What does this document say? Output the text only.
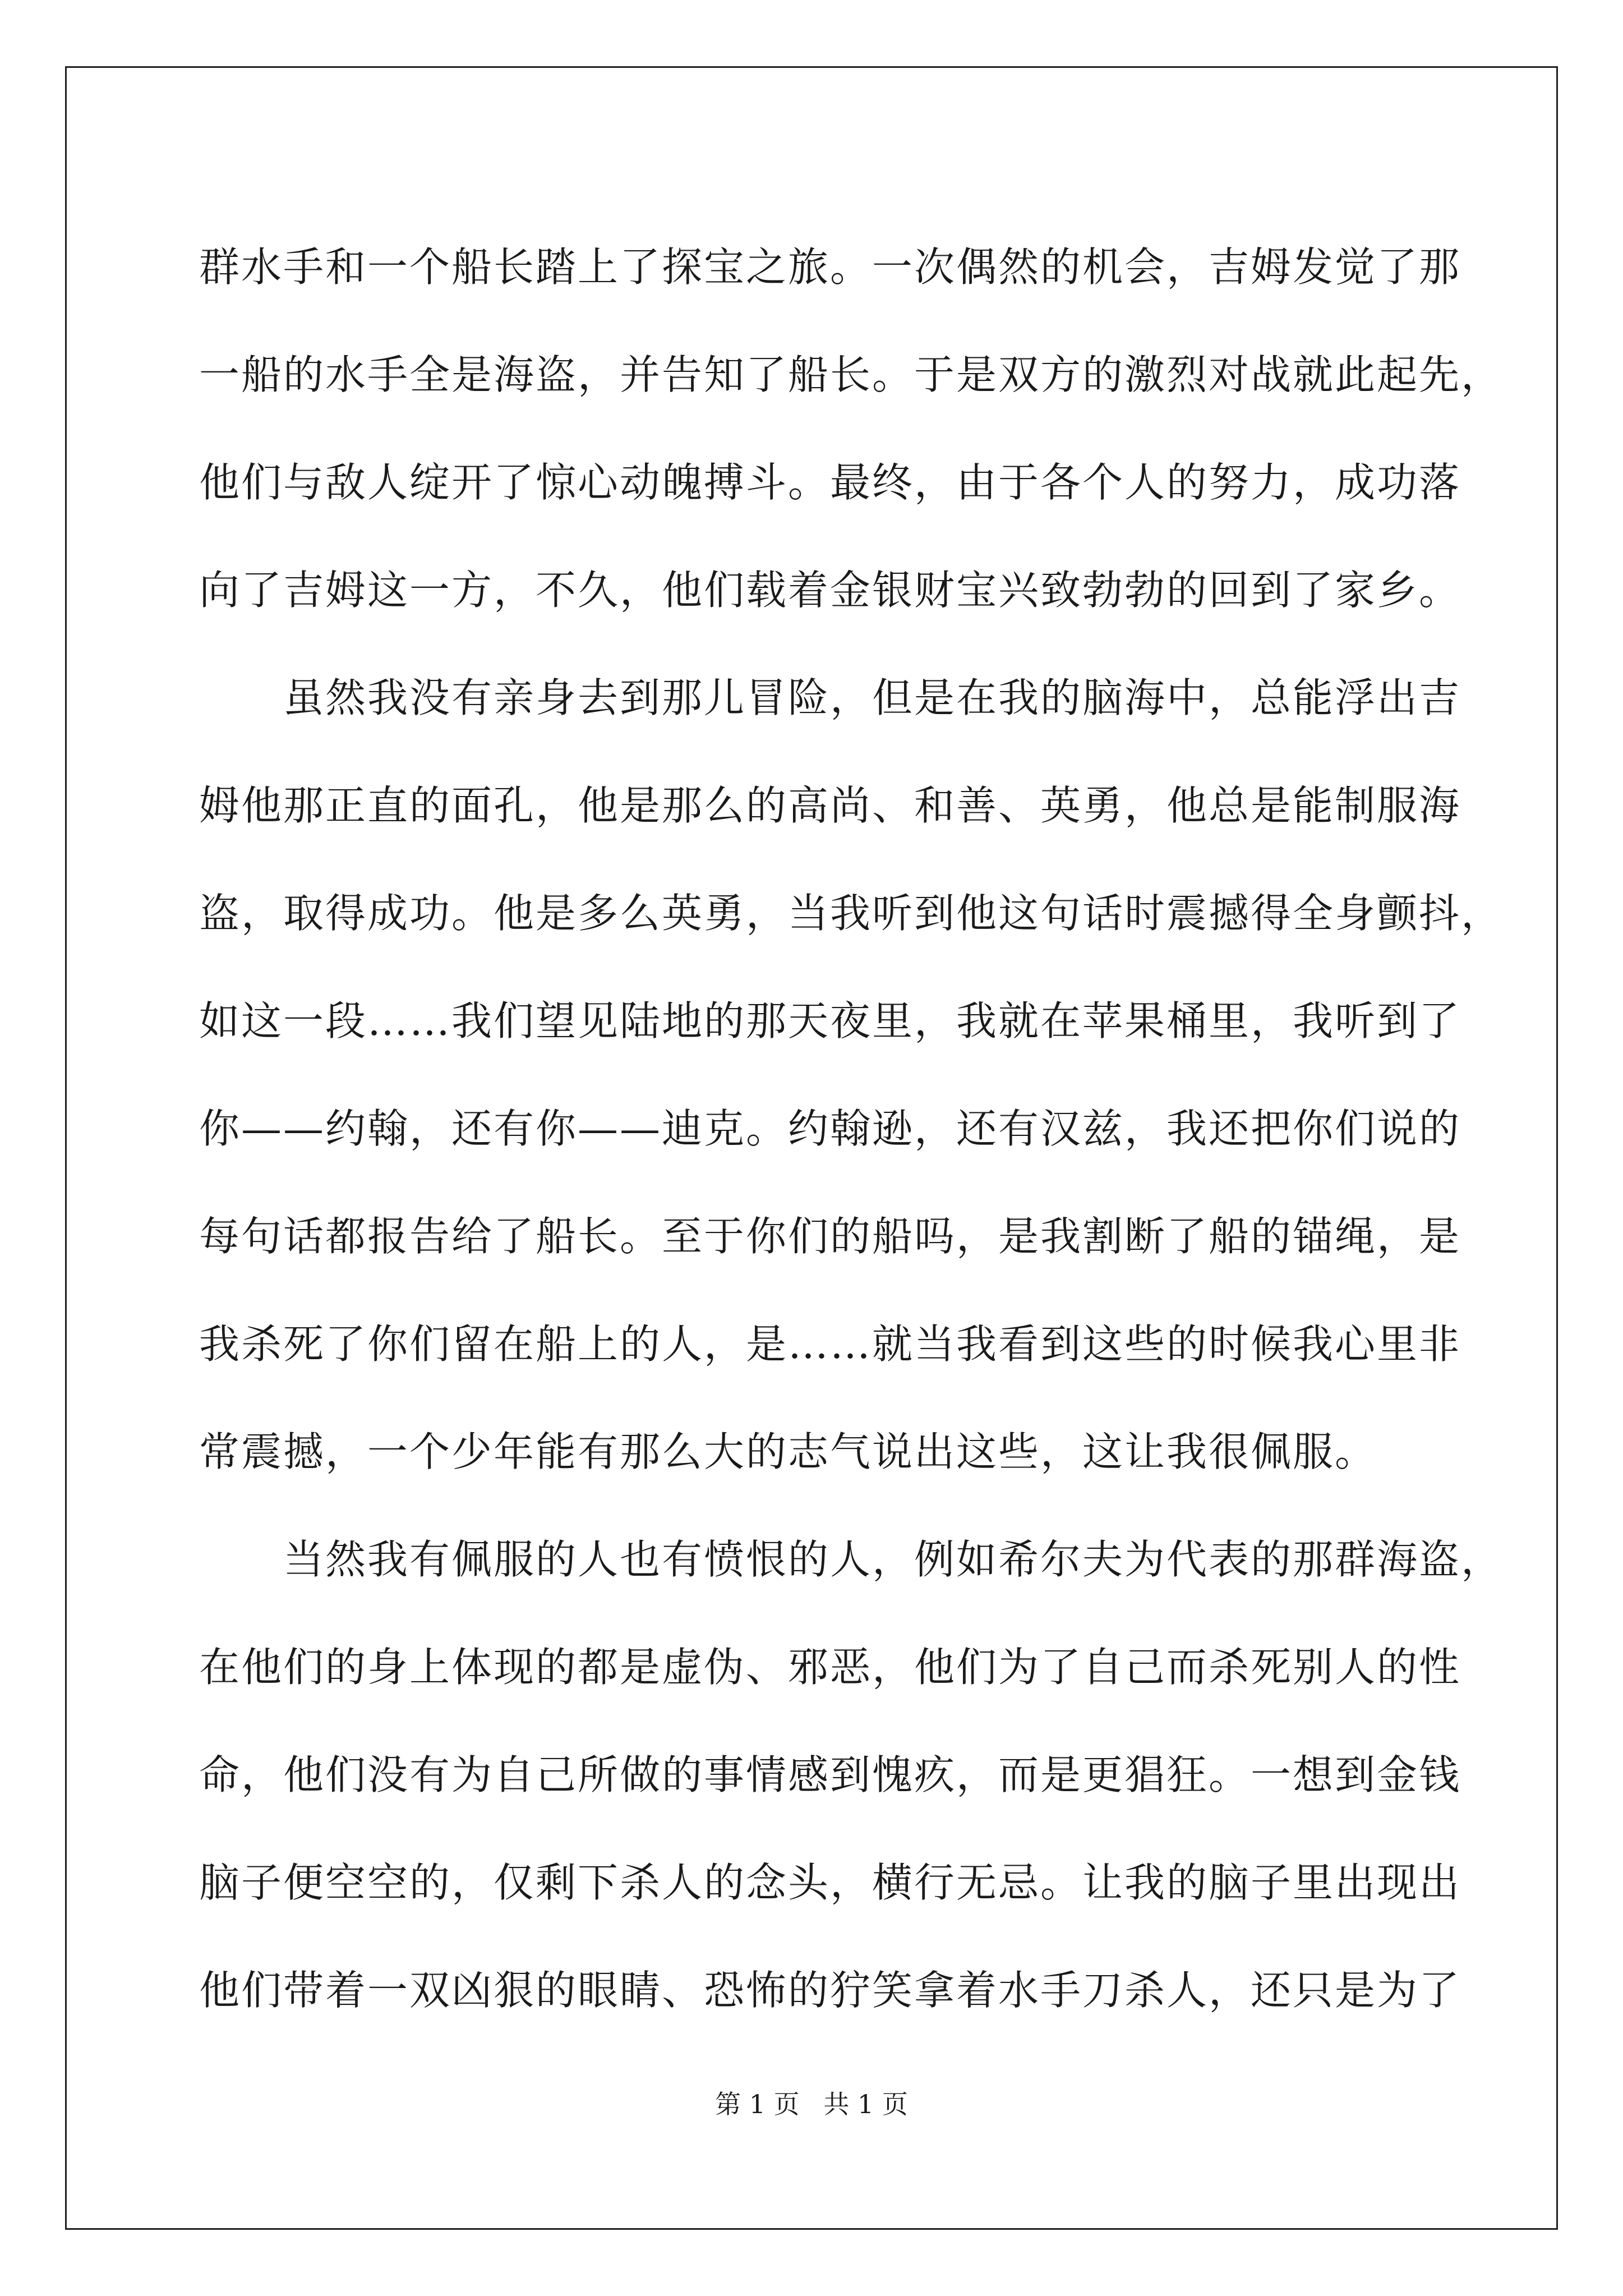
群水手和一个船长踏上了探宝之旅。一次偶然的机会，吉姆发觉了那
一船的水手全是海盗，并告知了船长。于是双方的激烈对战就此起先，
他们与敌人绽开了惊心动魄搏斗。最终，由于各个人的努力，成功落
向了吉姆这一方，不久，他们载着金银财宝兴致勃勃的回到了家乡。
　　虽然我没有亲身去到那儿冒险，但是在我的脑海中，总能浮出吉
姆他那正直的面孔，他是那么的高尚、和善、英勇，他总是能制服海
盗，取得成功。他是多么英勇，当我听到他这句话时震撼得全身颤抖，
如这一段……我们望见陆地的那天夜里，我就在苹果桶里，我听到了
你——约翰，还有你——迪克。约翰逊，还有汉兹，我还把你们说的
每句话都报告给了船长。至于你们的船吗，是我割断了船的锚绳，是
我杀死了你们留在船上的人，是……就当我看到这些的时候我心里非
常震撼，一个少年能有那么大的志气说出这些，这让我很佩服。
　　当然我有佩服的人也有愤恨的人，例如希尔夫为代表的那群海盗，
在他们的身上体现的都是虚伪、邪恶，他们为了自己而杀死别人的性
命，他们没有为自己所做的事情感到愧疚，而是更猖狂。一想到金钱
脑子便空空的，仅剩下杀人的念头，横行无忌。让我的脑子里出现出
他们带着一双凶狠的眼睛、恐怖的狞笑拿着水手刀杀人，还只是为了
第 1 页 共 1 页
